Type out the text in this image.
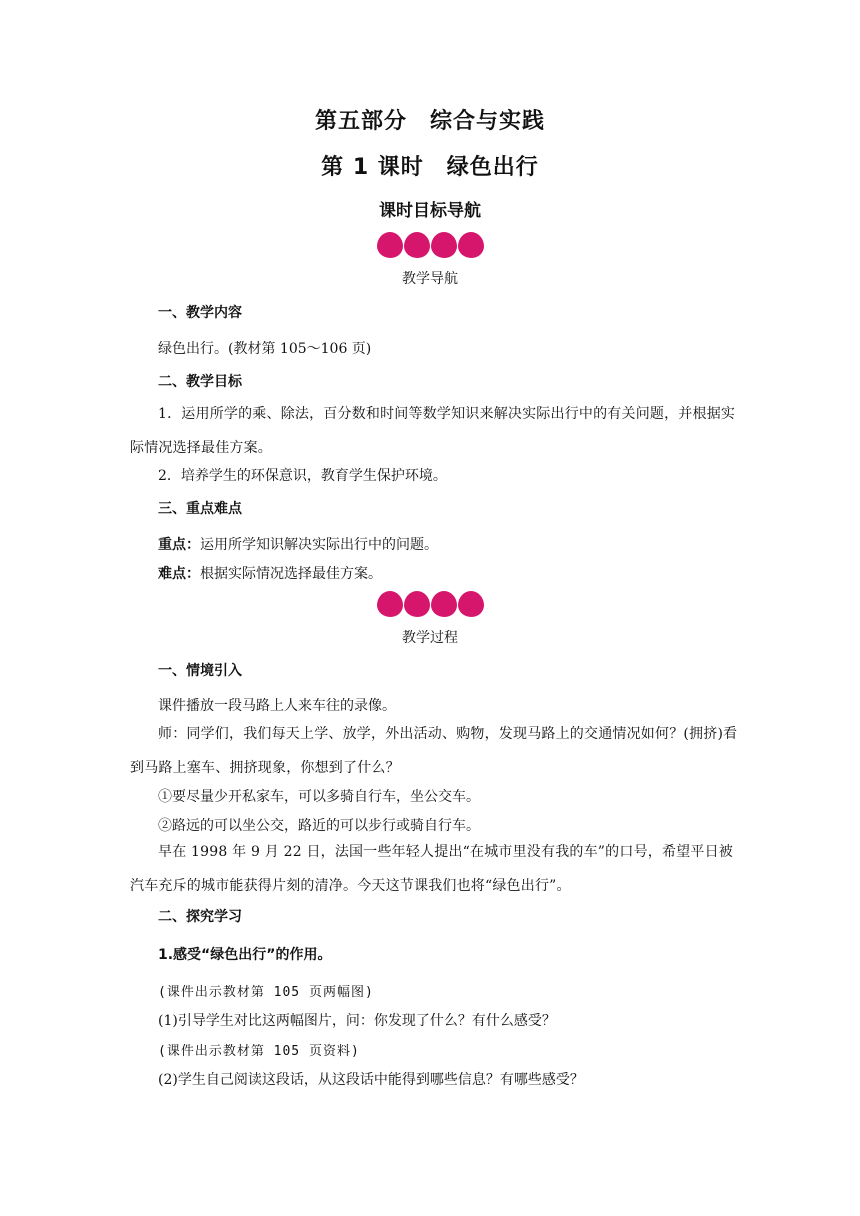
第五部分　综合与实践
第 1 课时　绿色出行
课时目标导航
教学导航
一、教学内容
绿色出行。(教材第 105～106 页)
二、教学目标
1．运用所学的乘、除法，百分数和时间等数学知识来解决实际出行中的有关问题，并根据实际情况选择最佳方案。
2．培养学生的环保意识，教育学生保护环境。
三、重点难点
重点：运用所学知识解决实际出行中的问题。
难点：根据实际情况选择最佳方案。
教学过程
一、情境引入
课件播放一段马路上人来车往的录像。
师：同学们，我们每天上学、放学，外出活动、购物，发现马路上的交通情况如何？(拥挤)看到马路上塞车、拥挤现象，你想到了什么？
①要尽量少开私家车，可以多骑自行车，坐公交车。
②路远的可以坐公交，路近的可以步行或骑自行车。
早在 1998 年 9 月 22 日，法国一些年轻人提出“在城市里没有我的车”的口号，希望平日被汽车充斥的城市能获得片刻的清净。今天这节课我们也将“绿色出行”。
二、探究学习
1.感受“绿色出行”的作用。
(课件出示教材第 105 页两幅图)
(1)引导学生对比这两幅图片，问：你发现了什么？有什么感受？
(课件出示教材第 105 页资料)
(2)学生自己阅读这段话，从这段话中能得到哪些信息？有哪些感受？
